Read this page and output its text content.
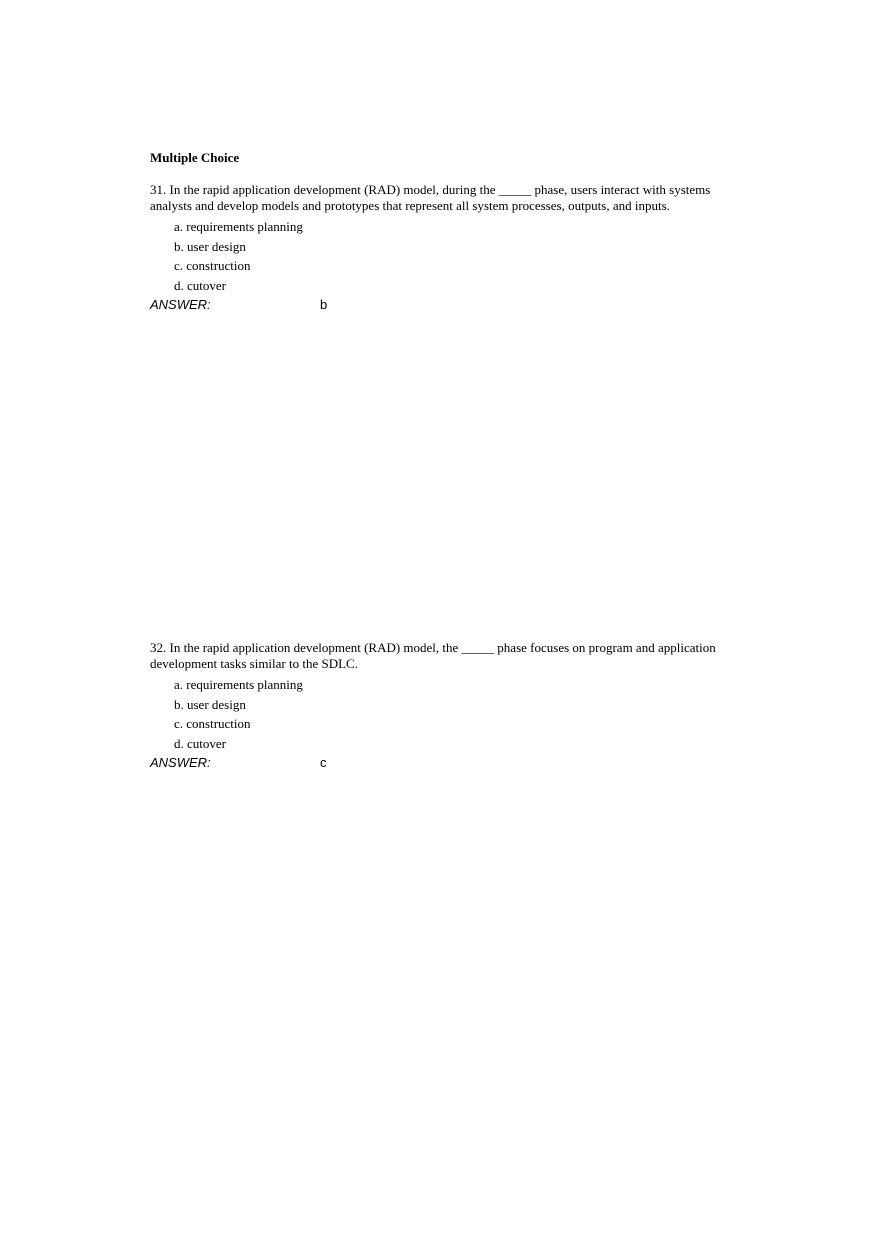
Multiple Choice

31. In the rapid application development (RAD) model, during the _____ phase, users interact with systems analysts and develop models and prototypes that represent all system processes, outputs, and inputs.

a. requirements planning
b. user design
c. construction
d. cutover
ANSWER:	b

32. In the rapid application development (RAD) model, the _____ phase focuses on program and application development tasks similar to the SDLC.

a. requirements planning
b. user design
c. construction
d. cutover
ANSWER:	c
